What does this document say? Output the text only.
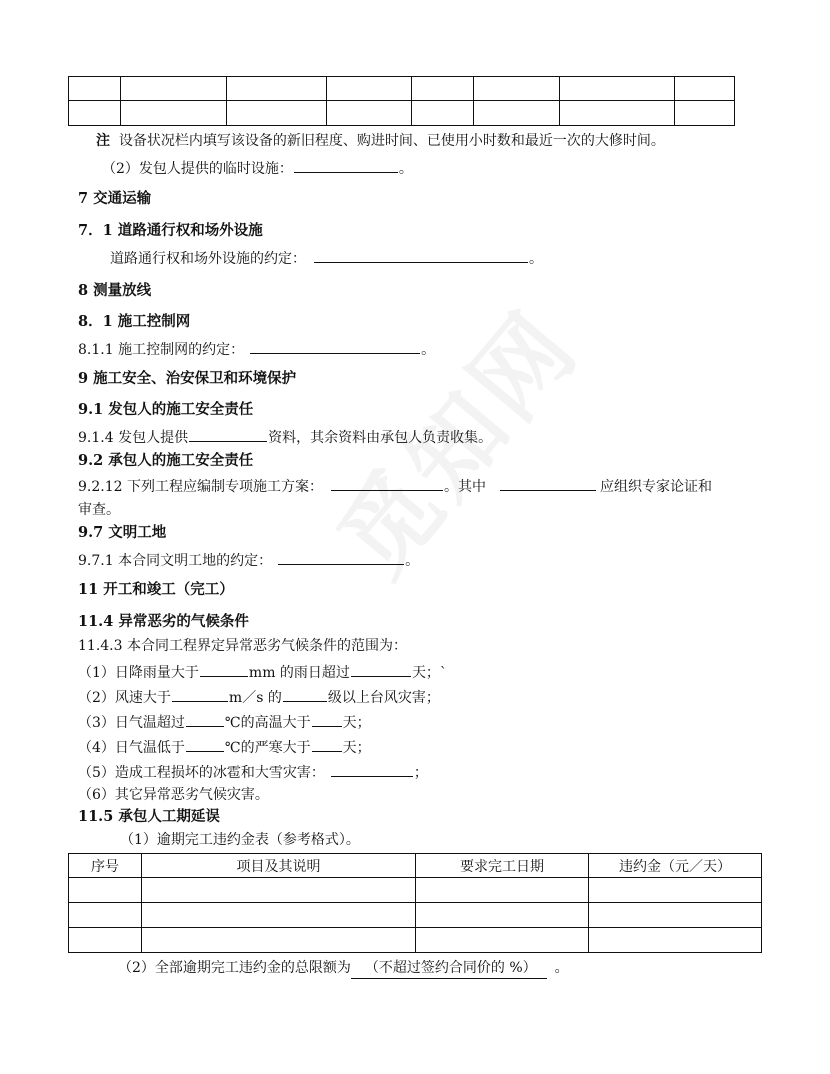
注 设备状况栏内填写该设备的新旧程度、购进时间、已使用小时数和最近一次的大修时间。
（2）发包人提供的临时设施：	。
7 交通运输
7．1 道路通行权和场外设施
道路通行权和场外设施的约定：	。
8 测量放线
8．1 施工控制网
8.1.1 施工控制网的约定：	。
9 施工安全、治安保卫和环境保护
9.1 发包人的施工安全责任
9.1.4 发包人提供	资料，其余资料由承包人负责收集。
9.2 承包人的施工安全责任
9.2.12 下列工程应编制专项施工方案：	。其中	应组织专家论证和
审查。
9.7 文明工地
9.7.1 本合同文明工地的约定：	。
11 开工和竣工（完工）
11.4 异常恶劣的气候条件
11.4.3 本合同工程界定异常恶劣气候条件的范围为：
（1）日降雨量大于	mm 的雨日超过	天；`
（2）风速大于	m／s 的	级以上台风灾害；
（3）日气温超过	℃的高温大于 天；
（4）日气温低于	℃的严寒大于 天；
（5）造成工程损坏的冰雹和大雪灾害：	；
（6）其它异常恶劣气候灾害。
11.5 承包人工期延误
（1）逾期完工违约金表（参考格式）。
序号	项目及其说明	要求完工日期	违约金（元／天）

（2）全部逾期完工违约金的总限额为 （不超过签约合同价的 %） 。
